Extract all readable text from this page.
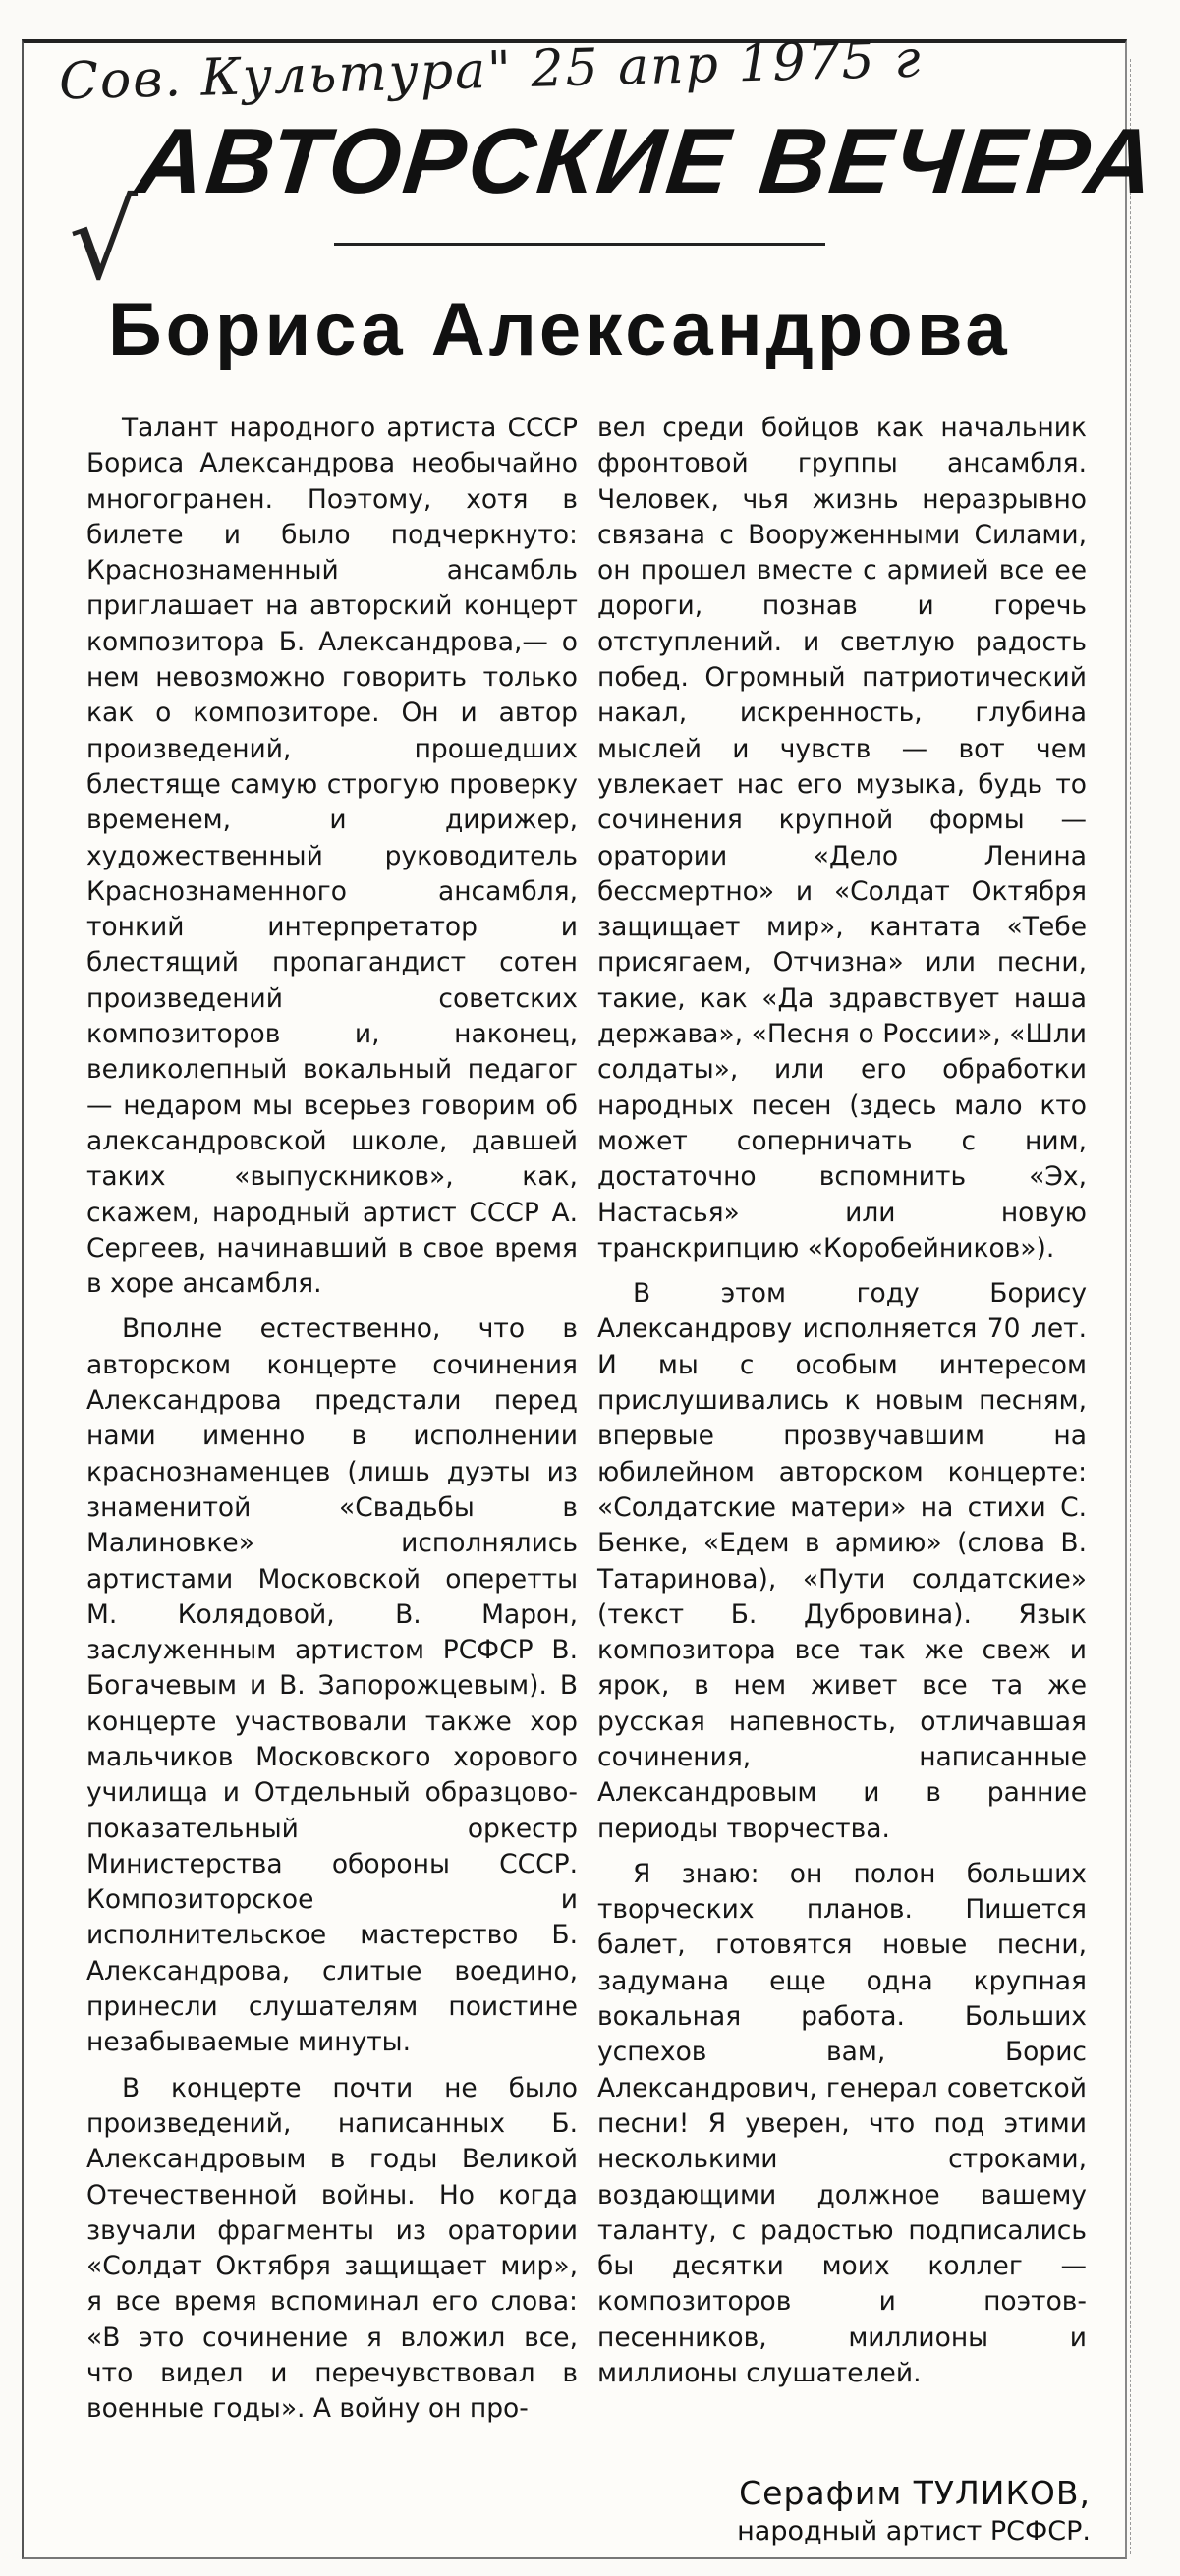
Сов. Культура" 25 апр 1975 г
√
АВТОРСКИЕ ВЕЧЕРА
Бориса Александрова

Талант народного артиста СССР Бориса Александрова необычайно многогранен. Поэтому, хотя в билете и было подчеркнуто: Краснознаменный ансамбль приглашает на авторский концерт композитора Б. Александрова,— о нем невозможно говорить только как о композиторе. Он и автор произведений, прошедших блестяще самую строгую проверку временем, и дирижер, художественный руководитель Краснознаменного ансамбля, тонкий интерпретатор и блестящий пропагандист сотен произведений советских композиторов и, наконец, великолепный вокальный педагог — недаром мы всерьез говорим об александровской школе, давшей таких «выпускников», как, скажем, народный артист СССР А. Сергеев, начинавший в свое время в хоре ансамбля.

Вполне естественно, что в авторском концерте сочинения Александрова предстали перед нами именно в исполнении краснознаменцев (лишь дуэты из знаменитой «Свадьбы в Малиновке» исполнялись артистами Московской оперетты М. Колядовой, В. Марон, заслуженным артистом РСФСР В. Богачевым и В. Запорожцевым). В концерте участвовали также хор мальчиков Московского хорового училища и Отдельный образцово-показательный оркестр Министерства обороны СССР. Композиторское и исполнительское мастерство Б. Александрова, слитые воедино, принесли слушателям поистине незабываемые минуты.

В концерте почти не было произведений, написанных Б. Александровым в годы Великой Отечественной войны. Но когда звучали фрагменты из оратории «Солдат Октября защищает мир», я все время вспоминал его слова: «В это сочинение я вложил все, что видел и перечувствовал в военные годы». А войну он про-

вел среди бойцов как начальник фронтовой группы ансамбля. Человек, чья жизнь неразрывно связана с Вооруженными Силами, он прошел вместе с армией все ее дороги, познав и горечь отступлений. и светлую радость побед. Огромный патриотический накал, искренность, глубина мыслей и чувств — вот чем увлекает нас его музыка, будь то сочинения крупной формы — оратории «Дело Ленина бессмертно» и «Солдат Октября защищает мир», кантата «Тебе присягаем, Отчизна» или песни, такие, как «Да здравствует наша держава», «Песня о России», «Шли солдаты», или его обработки народных песен (здесь мало кто может соперничать с ним, достаточно вспомнить «Эх, Настасья» или новую транскрипцию «Коробейников»).

В этом году Борису Александрову исполняется 70 лет. И мы с особым интересом прислушивались к новым песням, впервые прозвучавшим на юбилейном авторском концерте: «Солдатские матери» на стихи С. Бенке, «Едем в армию» (слова В. Татаринова), «Пути солдатские» (текст Б. Дубровина). Язык композитора все так же свеж и ярок, в нем живет все та же русская напевность, отличавшая сочинения, написанные Александровым и в ранние периоды творчества.

Я знаю: он полон больших творческих планов. Пишется балет, готовятся новые песни, задумана еще одна крупная вокальная работа. Больших успехов вам, Борис Александрович, генерал советской песни! Я уверен, что под этими несколькими строками, воздающими должное вашему таланту, с радостью подписались бы десятки моих коллег — композиторов и поэтов-песенников, миллионы и миллионы слушателей.

Серафим ТУЛИКОВ,
народный артист РСФСР.
